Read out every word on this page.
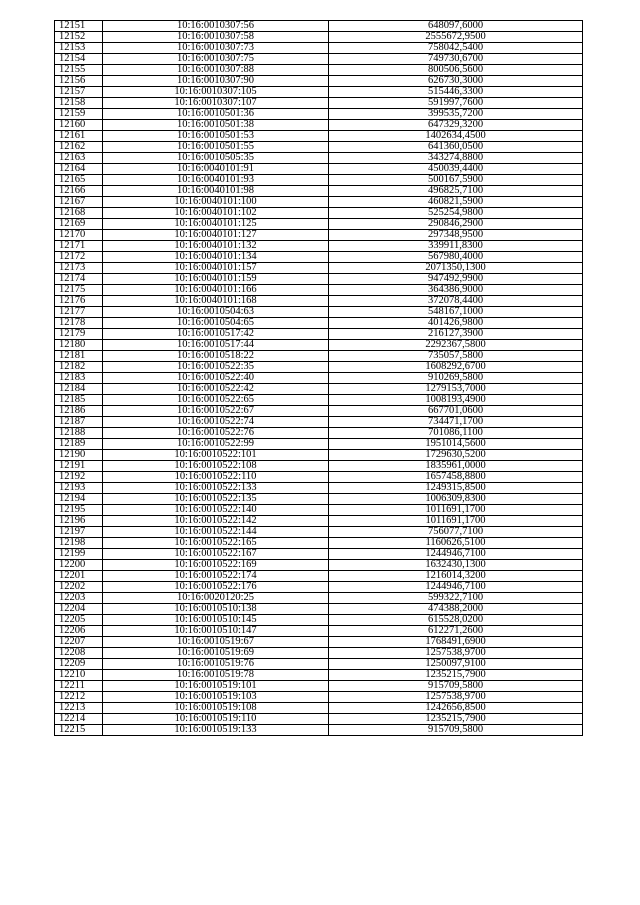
12151	10:16:0010307:56	648097,6000
12152	10:16:0010307:58	2555672,9500
12153	10:16:0010307:73	758042,5400
12154	10:16:0010307:75	749730,6700
12155	10:16:0010307:88	800506,5600
12156	10:16:0010307:90	626730,3000
12157	10:16:0010307:105	515446,3300
12158	10:16:0010307:107	591997,7600
12159	10:16:0010501:36	399535,7200
12160	10:16:0010501:38	647329,3200
12161	10:16:0010501:53	1402634,4500
12162	10:16:0010501:55	641360,0500
12163	10:16:0010505:35	343274,8800
12164	10:16:0040101:91	450039,4400
12165	10:16:0040101:93	500167,5900
12166	10:16:0040101:98	496825,7100
12167	10:16:0040101:100	460821,5900
12168	10:16:0040101:102	525254,9800
12169	10:16:0040101:125	290846,2900
12170	10:16:0040101:127	297348,9500
12171	10:16:0040101:132	339911,8300
12172	10:16:0040101:134	567980,4000
12173	10:16:0040101:157	2071350,1300
12174	10:16:0040101:159	947492,9900
12175	10:16:0040101:166	364386,9000
12176	10:16:0040101:168	372078,4400
12177	10:16:0010504:63	548167,1000
12178	10:16:0010504:65	401426,9800
12179	10:16:0010517:42	216127,3900
12180	10:16:0010517:44	2292367,5800
12181	10:16:0010518:22	735057,5800
12182	10:16:0010522:35	1608292,6700
12183	10:16:0010522:40	910269,5800
12184	10:16:0010522:42	1279153,7000
12185	10:16:0010522:65	1008193,4900
12186	10:16:0010522:67	667701,0600
12187	10:16:0010522:74	734471,1700
12188	10:16:0010522:76	701086,1100
12189	10:16:0010522:99	1951014,5600
12190	10:16:0010522:101	1729630,5200
12191	10:16:0010522:108	1835961,0000
12192	10:16:0010522:110	1657458,8800
12193	10:16:0010522:133	1249315,8500
12194	10:16:0010522:135	1006309,8300
12195	10:16:0010522:140	1011691,1700
12196	10:16:0010522:142	1011691,1700
12197	10:16:0010522:144	756077,7100
12198	10:16:0010522:165	1160626,5100
12199	10:16:0010522:167	1244946,7100
12200	10:16:0010522:169	1632430,1300
12201	10:16:0010522:174	1216014,3200
12202	10:16:0010522:176	1244946,7100
12203	10:16:0020120:25	599322,7100
12204	10:16:0010510:138	474388,2000
12205	10:16:0010510:145	615528,0200
12206	10:16:0010510:147	612271,2600
12207	10:16:0010519:67	1768491,6900
12208	10:16:0010519:69	1257538,9700
12209	10:16:0010519:76	1250097,9100
12210	10:16:0010519:78	1235215,7900
12211	10:16:0010519:101	915709,5800
12212	10:16:0010519:103	1257538,9700
12213	10:16:0010519:108	1242656,8500
12214	10:16:0010519:110	1235215,7900
12215	10:16:0010519:133	915709,5800
